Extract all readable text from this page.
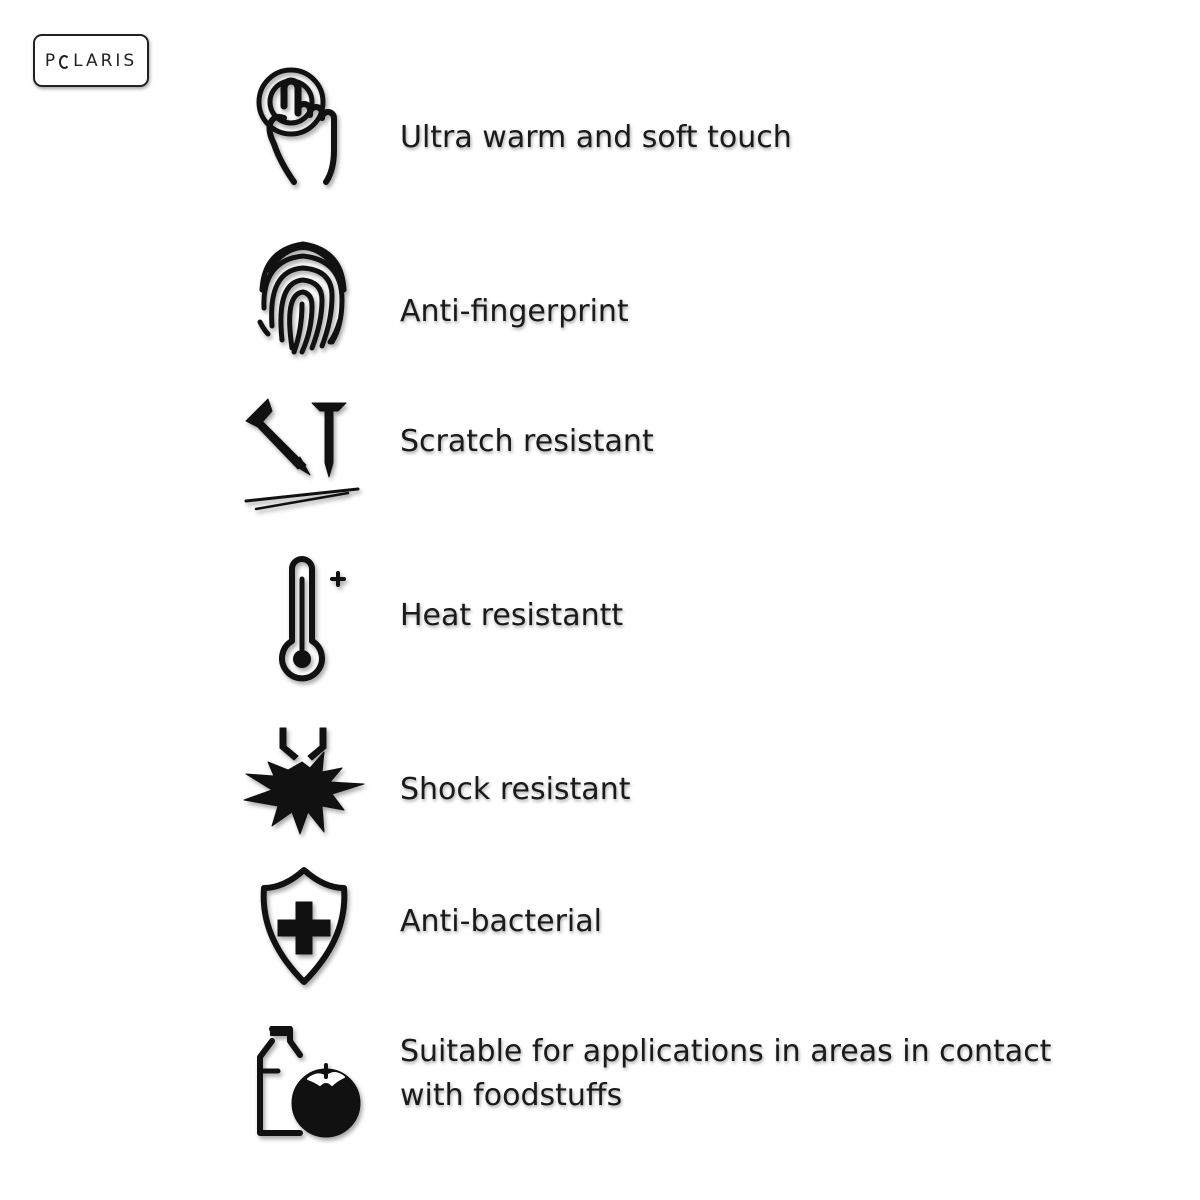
P LARIS
Ultra warm and soft touch
Anti-fingerprint
Scratch resistant
Heat resistantt
Shock resistant
Anti-bacterial
Suitable for applications in areas in contact
with foodstuffs
